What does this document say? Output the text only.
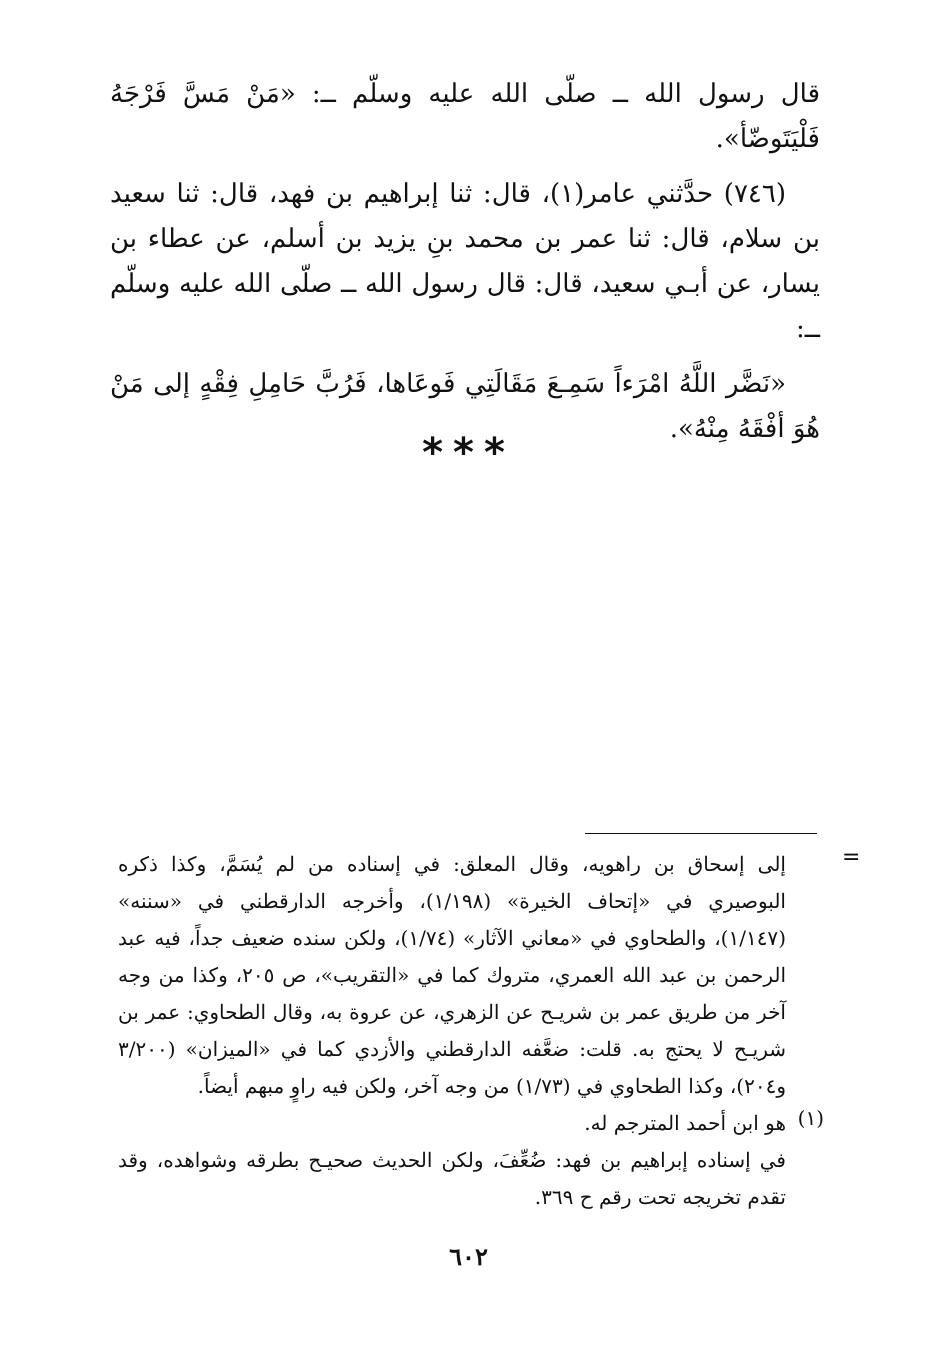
قال رسول الله ــ صلّى الله عليه وسلّم ــ: «مَنْ مَسَّ فَرْجَهُ فَلْيَتَوضّأ».

(٧٤٦) حدَّثني عامر(١)، قال: ثنا إبراهيم بن فهد، قال: ثنا سعيد بن سلام، قال: ثنا عمر بن محمد بنِ يزيد بن أسلم، عن عطاء بن يسار، عن أبـي سعيد، قال: قال رسول الله ــ صلّى الله عليه وسلّم ــ:

«نَضَّر اللَّهُ امْرَءاً سَمِـعَ مَقَالَتِي فَوعَاها، فَرُبَّ حَامِلِ فِقْهٍ إلى مَنْ هُوَ أفْقَهُ مِنْهُ».

***
=

إلى إسحاق بن راهويه، وقال المعلق: في إسناده من لم يُسَمَّ، وكذا ذكره البوصيري في «إتحاف الخيرة» (١/١٩٨)، وأخرجه الدارقطني في «سننه» (١/١٤٧)، والطحاوي في «معاني الآثار» (١/٧٤)، ولكن سنده ضعيف جداً، فيه عبد الرحمن بن عبد الله العمري، متروك كما في «التقريب»، ص ٢٠٥، وكذا من وجه آخر من طريق عمر بن شريـح عن الزهري، عن عروة به، وقال الطحاوي: عمر بن شريـح لا يحتج به. قلت: ضعَّفه الدارقطني والأزدي كما في «الميزان» (٣/٢٠٠ و٢٠٤)، وكذا الطحاوي في (١/٧٣) من وجه آخر، ولكن فيه راوٍ مبهم أيضاً.

هو ابن أحمد المترجم له.

في إسناده إبراهيم بن فهد: ضُعِّفَ، ولكن الحديث صحيـح بطرقه وشواهده، وقد تقدم تخريجه تحت رقم ح ٣٦٩.

(١)
٦٠٢
